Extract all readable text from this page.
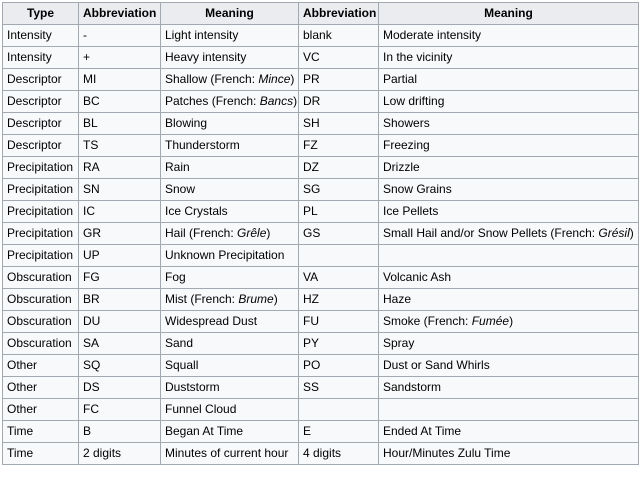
Type	Abbreviation	Meaning	Abbreviation	Meaning
Intensity	-	Light intensity	blank	Moderate intensity
Intensity	+	Heavy intensity	VC	In the vicinity
Descriptor	MI	Shallow (French: Mince)	PR	Partial
Descriptor	BC	Patches (French: Bancs)	DR	Low drifting
Descriptor	BL	Blowing	SH	Showers
Descriptor	TS	Thunderstorm	FZ	Freezing
Precipitation	RA	Rain	DZ	Drizzle
Precipitation	SN	Snow	SG	Snow Grains
Precipitation	IC	Ice Crystals	PL	Ice Pellets
Precipitation	GR	Hail (French: Grêle)	GS	Small Hail and/or Snow Pellets (French: Grésil)
Precipitation	UP	Unknown Precipitation		
Obscuration	FG	Fog	VA	Volcanic Ash
Obscuration	BR	Mist (French: Brume)	HZ	Haze
Obscuration	DU	Widespread Dust	FU	Smoke (French: Fumée)
Obscuration	SA	Sand	PY	Spray
Other	SQ	Squall	PO	Dust or Sand Whirls
Other	DS	Duststorm	SS	Sandstorm
Other	FC	Funnel Cloud		
Time	B	Began At Time	E	Ended At Time
Time	2 digits	Minutes of current hour	4 digits	Hour/Minutes Zulu Time
